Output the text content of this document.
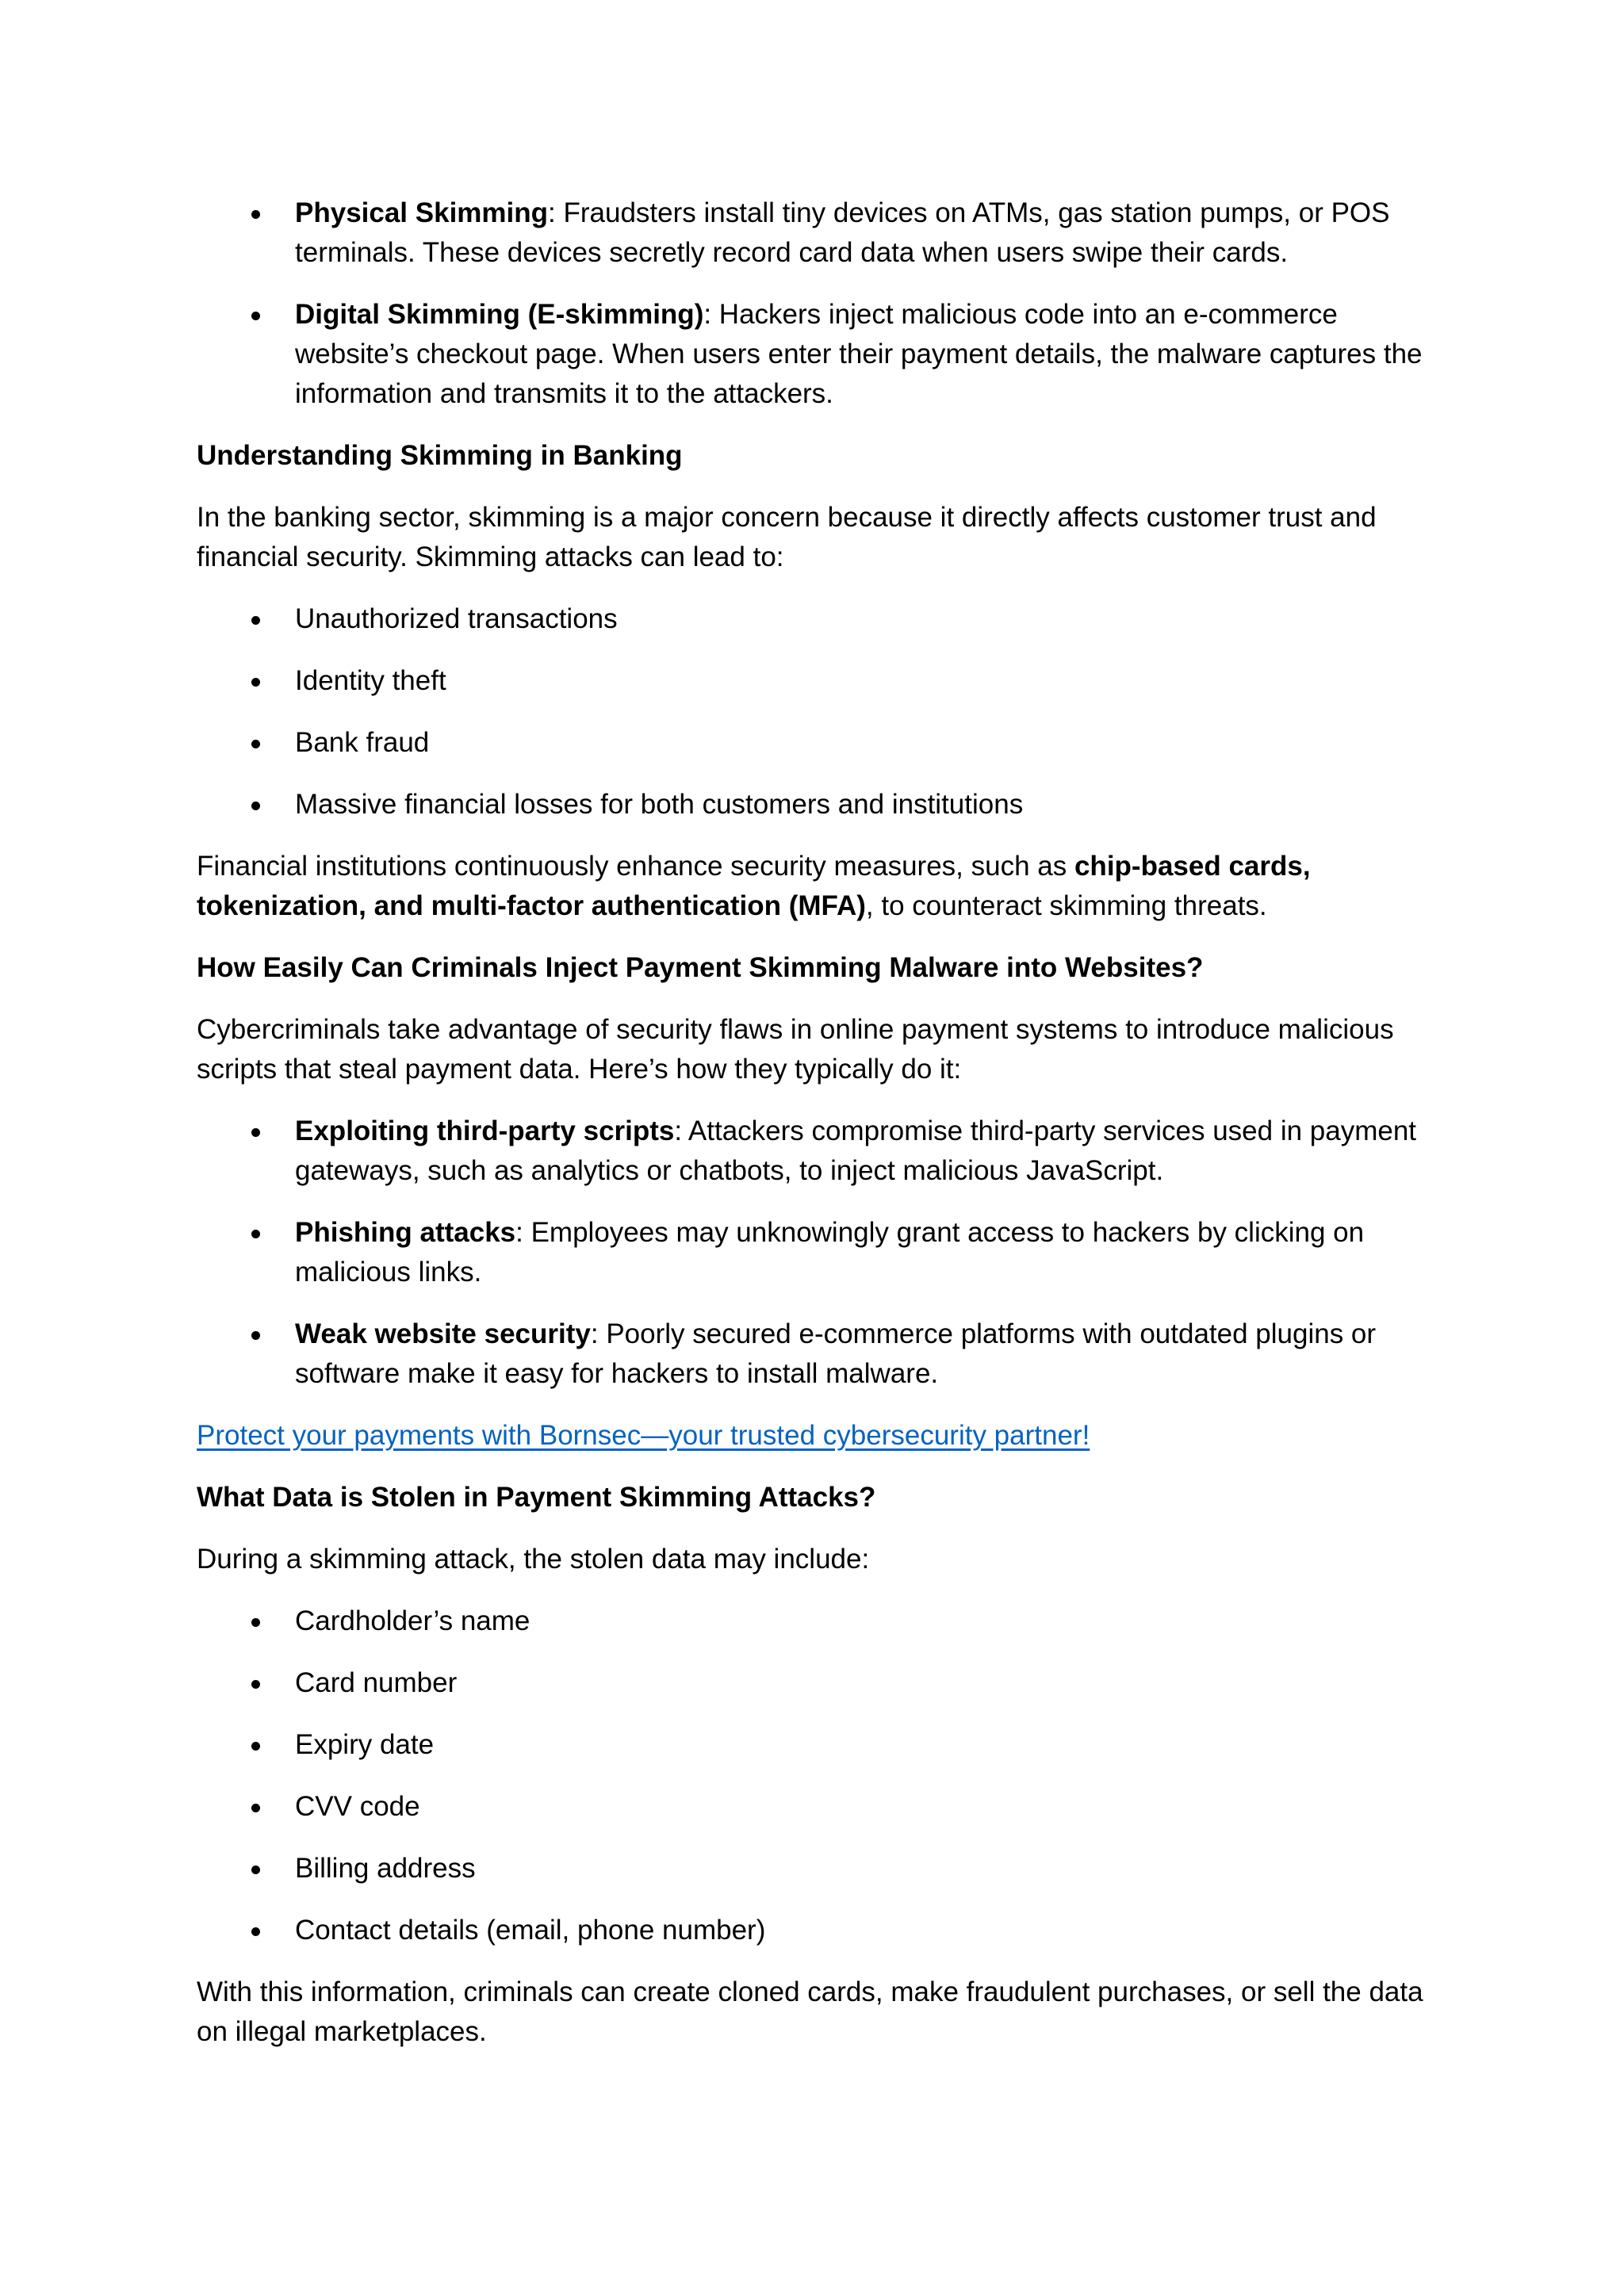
Physical Skimming: Fraudsters install tiny devices on ATMs, gas station pumps, or POS terminals. These devices secretly record card data when users swipe their cards.
Digital Skimming (E-skimming): Hackers inject malicious code into an e-commerce website’s checkout page. When users enter their payment details, the malware captures the information and transmits it to the attackers.

Understanding Skimming in Banking

In the banking sector, skimming is a major concern because it directly affects customer trust and financial security. Skimming attacks can lead to:

Unauthorized transactions
Identity theft
Bank fraud
Massive financial losses for both customers and institutions

Financial institutions continuously enhance security measures, such as chip-based cards, tokenization, and multi-factor authentication (MFA), to counteract skimming threats.

How Easily Can Criminals Inject Payment Skimming Malware into Websites?

Cybercriminals take advantage of security flaws in online payment systems to introduce malicious scripts that steal payment data. Here’s how they typically do it:

Exploiting third-party scripts: Attackers compromise third-party services used in payment gateways, such as analytics or chatbots, to inject malicious JavaScript.
Phishing attacks: Employees may unknowingly grant access to hackers by clicking on malicious links.
Weak website security: Poorly secured e-commerce platforms with outdated plugins or software make it easy for hackers to install malware.

Protect your payments with Bornsec—your trusted cybersecurity partner!

What Data is Stolen in Payment Skimming Attacks?

During a skimming attack, the stolen data may include:

Cardholder’s name
Card number
Expiry date
CVV code
Billing address
Contact details (email, phone number)

With this information, criminals can create cloned cards, make fraudulent purchases, or sell the data on illegal marketplaces.
